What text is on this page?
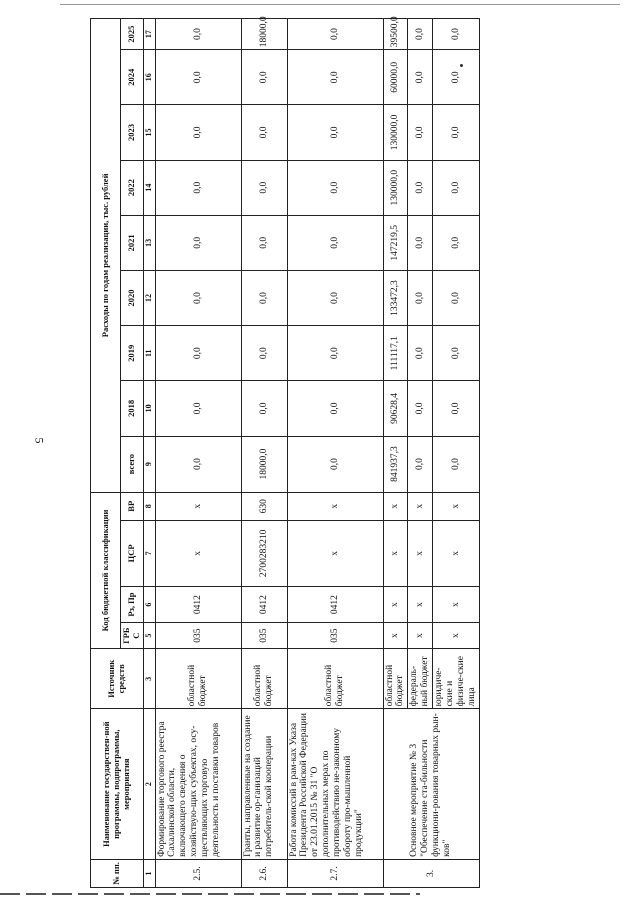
5
№ пп.	Наименование государствен-ной программы, подпрограммы, мероприятия	Источник средств	Код бюджетной классификации				Расходы по годам реализации, тыс. рублей								
			ГРБ С	Рз, Пр	ЦСР	ВР	всего	2018	2019	2020	2021	2022	2023	2024	2025
1	2	3	5	6	7	8	9	10	11	12	13	14	15	16	17
2.5.	Формирование торгового реестра Сахалинской области, включающего сведения о хозяйствую-щих субъектах, осу-ществляющих торговую деятельность и поставки товаров	областной бюджет	035	0412	x	x	0,0	0,0	0,0	0,0	0,0	0,0	0,0	0,0	0,0
2.6.	Гранты, направленные на создание и развитие ор-ганизаций потребитель-ской кооперации	областной бюджет	035	0412	2700283210	630	18000,0	0,0	0,0	0,0	0,0	0,0	0,0	0,0	18000,0
2.7.	Работа комиссий в рам-ках Указа Президента Российской Федерации от 23.01.2015 № 31 "О дополнительных мерах по противодействию не-законному обороту про-мышленной продукции"	областной бюджет	035	0412	x	x	0,0	0,0	0,0	0,0	0,0	0,0	0,0	0,0	0,0
3.	Основное мероприятие № 3 "Обеспечение ста-бильности функциони-рования товарных рын-ков"	областной бюджет	x	x	x	x	841937,3	90628,4	111117,1	133472,3	147219,5	130000,0	130000,0	60000,0	39500,0
		федераль-ный бюджет	x	x	x	x	0,0	0,0	0,0	0,0	0,0	0,0	0,0	0,0	0,0
		юридиче-ские и физиче-ские лица	x	x	x	x	0,0	0,0	0,0	0,0	0,0	0,0	0,0	0,0	0,0
